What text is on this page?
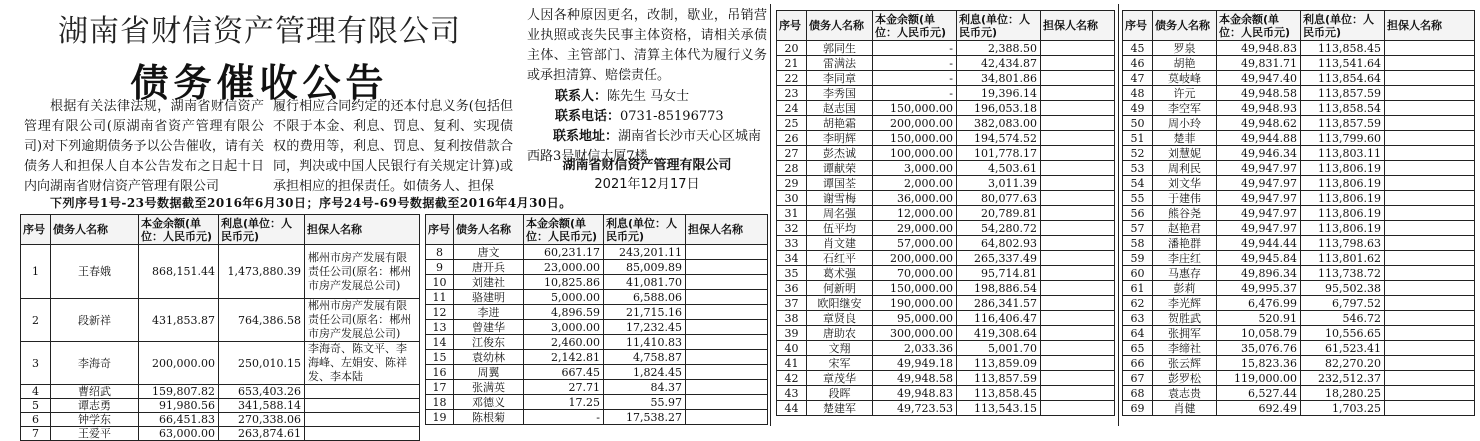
湖南省财信资产管理有限公司
债务催收公告
根据有关法律法规，湖南省财信资产管理有限公司(原湖南省资产管理有限公司)对下列逾期债务予以公告催收，请有关债务人和担保人自本公告发布之日起十日内向湖南省财信资产管理有限公司
履行相应合同约定的还本付息义务(包括但不限于本金、利息、罚息、复利、实现债权的费用等，利息、罚息、复利按借款合同，判决或中国人民银行有关规定计算)或承担相应的担保责任。如债务人、担保
人因各种原因更名，改制，歇业，吊销营业执照或丧失民事主体资格，请相关承债主体、主管部门、清算主体代为履行义务或承担清算、赔偿责任。
联系人：陈先生 马女士
联系电话：0731-85196773
联系地址：湖南省长沙市天心区城南西路3号财信大厦7楼
湖南省财信资产管理有限公司
2021年12月17日
下列序号1号-23号数据截至2016年6月30日；序号24号-69号数据截至2016年4月30日。
序号	债务人名称	本金余额(单位：人民币元)	利息(单位：人民币元)	担保人名称
1	王春娥	868,151.44	1,473,880.39	郴州市房产发展有限责任公司(原名：郴州市房产发展总公司)
2	段新祥	431,853.87	764,386.58	郴州市房产发展有限责任公司(原名：郴州市房产发展总公司)
3	李海奇	200,000.00	250,010.15	李海奇、陈文平、李海峰、左娟安、陈祥发、李本陆
4	曹绍武	159,807.82	653,403.26	
5	谭志勇	91,980.56	341,588.14	
6	钟学东	66,451.83	270,338.06	
7	王爱平	63,000.00	263,874.61	
序号	债务人名称	本金余额(单位：人民币元)	利息(单位：人民币元)	担保人名称
8	唐文	60,231.17	243,201.11	
9	唐开兵	23,000.00	85,009.89	
10	刘建社	10,825.86	41,081.70	
11	骆建明	5,000.00	6,588.06	
12	李进	4,896.59	21,715.16	
13	曾建华	3,000.00	17,232.45	
14	江俊东	2,460.00	11,410.83	
15	袁幼林	2,142.81	4,758.87	
16	周翼	667.45	1,824.45	
17	张满英	27.71	84.37	
18	邓德义	17.25	55.97	
19	陈根菊	-	17,538.27	
序号	债务人名称	本金余额(单位：人民币元)	利息(单位：人民币元)	担保人名称
20	郭同生	-	2,388.50	
21	雷满法	-	42,434.87	
22	李同章	-	34,801.86	
23	李秀国	-	19,396.14	
24	赵志国	150,000.00	196,053.18	
25	胡艳霜	200,000.00	382,083.00	
26	李明辉	150,000.00	194,574.52	
27	彭杰诚	100,000.00	101,778.17	
28	谭献荣	3,000.00	4,503.61	
29	谭国荃	2,000.00	3,011.39	
30	谢雪梅	36,000.00	80,077.63	
31	周名强	12,000.00	20,789.81	
32	伍平均	29,000.00	54,280.72	
33	肖文建	57,000.00	64,802.93	
34	石红平	200,000.00	265,337.49	
35	葛术强	70,000.00	95,714.81	
36	何新明	150,000.00	198,886.54	
37	欧阳继安	190,000.00	286,341.57	
38	章贤良	95,000.00	116,406.47	
39	唐助农	300,000.00	419,308.64	
40	文翔	2,033.36	5,001.70	
41	宋军	49,949.18	113,859.09	
42	章茂华	49,948.58	113,857.59	
43	段晖	49,948.83	113,858.45	
44	楚建军	49,723.53	113,543.15	
序号	债务人名称	本金余额(单位：人民币元)	利息(单位：人民币元)	担保人名称
45	罗泉	49,948.83	113,858.45	
46	胡艳	49,831.71	113,541.64	
47	莫岐峰	49,947.40	113,854.64	
48	许元	49,948.58	113,857.59	
49	李空军	49,948.93	113,858.54	
50	周小玲	49,948.62	113,857.59	
51	楚菲	49,944.88	113,799.60	
52	刘慧妮	49,946.34	113,803.11	
53	周利民	49,947.97	113,806.19	
54	刘文华	49,947.97	113,806.19	
55	于建伟	49,947.97	113,806.19	
56	熊谷尧	49,947.97	113,806.19	
57	赵艳君	49,947.97	113,806.19	
58	潘艳群	49,944.44	113,798.63	
59	李庄红	49,945.84	113,801.62	
60	马惠存	49,896.34	113,738.72	
61	彭莉	49,995.37	95,502.38	
62	李光辉	6,476.99	6,797.52	
63	贺胜武	520.91	546.72	
64	张拥军	10,058.79	10,556.65	
65	李缔社	35,076.76	61,523.41	
66	张云辉	15,823.36	82,270.20	
67	彭罗松	119,000.00	232,512.37	
68	袁志贵	6,527.44	18,280.25	
69	肖健	692.49	1,703.25	
